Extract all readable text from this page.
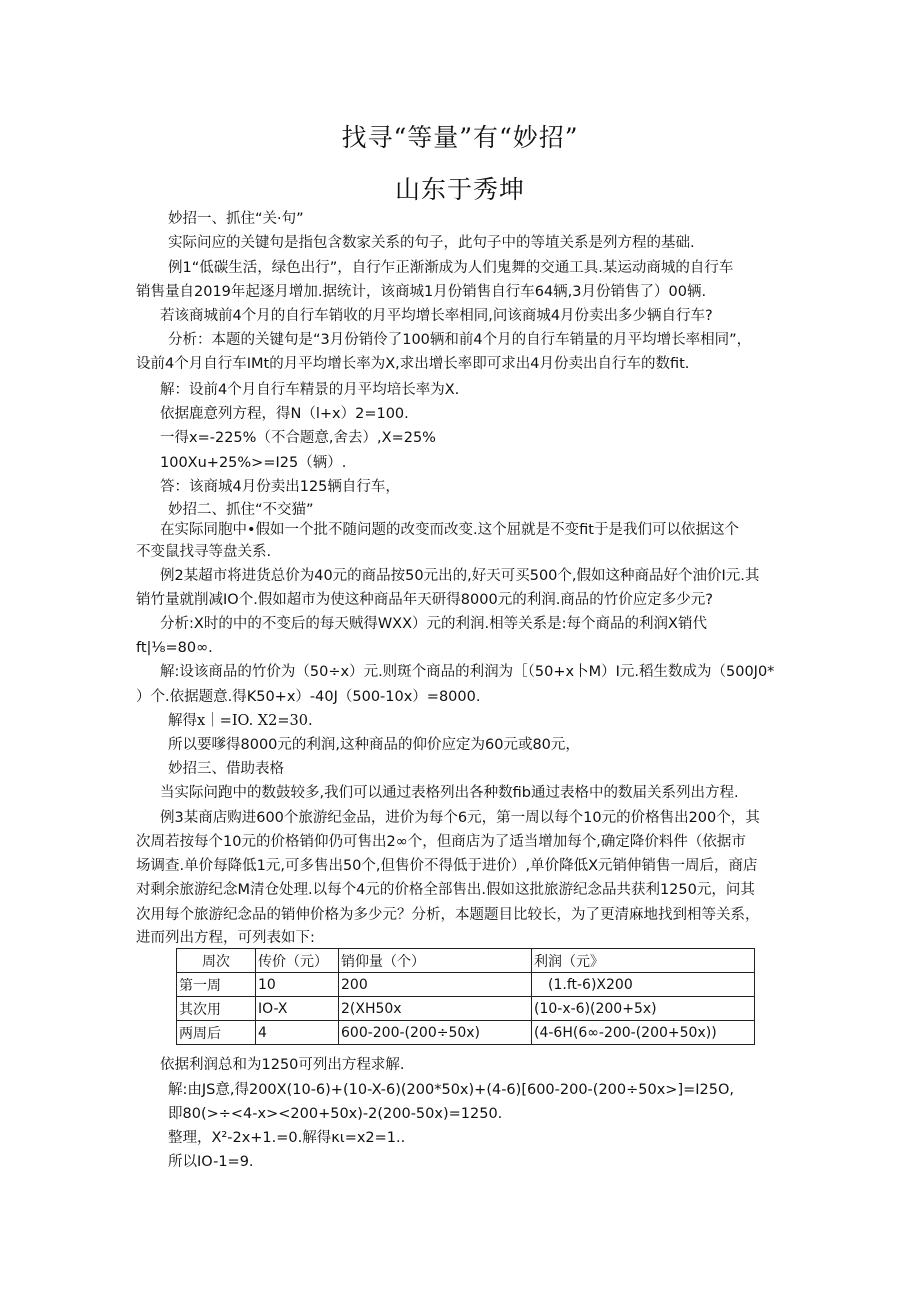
找寻“等量”有“妙招”
山东于秀坤
妙招一、抓住“关·句”
实际问应的关键句是指包含数家关系的句子，此句子中的等埴关系是列方程的基础.
例1“低碳生活，绿色出行”，自行乍正渐渐成为人们鬼舞的交通工具.某运动商城的自行车
销售量自2019年起逐月增加.据统计，该商城1月份销售自行车64辆,3月份销售了）00辆.
若该商城前4个月的自行车销收的月平均增长率相同,问该商城4月份卖出多少辆自行车?
分析：本题的关键句是“3月份销伶了100辆和前4个月的自行车销量的月平均增长率相同”，
设前4个月自行车IMt的月平均增长率为X,求出增长率即可求出4月份卖出自行车的数fit.
解：设前4个月自行车精景的月平均培长率为X.
依据鹿意列方程，得N（l+x）2=100.
一得x=-225%（不合题意,舍去）,X=25%
100Xu+25%>=I25（辆）.
答：该商城4月份卖出125辆自行车，
妙招二、抓住“不交猫”
在实际同胞中•假如一个批不随问题的改变而改变.这个屈就是不变fit于是我们可以依据这个
不变鼠找寻等盘关系.
例2某超市将进货总价为40元的商品按50元出的,好天可买500个,假如这种商品好个油价I元.其
销竹量就削减IO个.假如超市为使这种商品年天研得8000元的利润.商品的竹价应定多少元?
分析:X时的中的不变后的每天贼得WXX）元的利润.相等关系是:每个商品的利润X销代
ft|⅛=80∞.
解:设该商品的竹价为（50÷x）元.则斑个商品的利润为［（50+x卜M）I元.稻生数成为（500J0*
）个.依据题意.得K50+x）-40J（500-10x）=8000.
解得x｜=IO. X2=30.
所以要嗲得8000元的利润,这种商品的仰价应定为60元或80元，
妙招三、借助表格
当实际问跑中的数鼓较多,我们可以通过表格列出各种数fib通过表格中的数届关系列出方程.
例3某商店购进600个旅游纪金品，进价为每个6元，第一周以每个10元的价格售出200个，其
次周若按每个10元的价格销仰仍可售出2∞个，但商店为了适当增加每个,确定降价料件（依据市
场调查.单价每降低1元,可多售出50个,但售价不得低于进价）,单价降低X元销伸销售一周后，商店
对剩余旅游纪念M清仓处理.以每个4元的价格全部售出.假如这批旅游纪念品共获利1250元，问其
次用每个旅游纪念品的销伸价格为多少元？分析，本题题目比较长，为了更清麻地找到相等关系，
进而列出方程，可列表如下:
周次	传价（元）	销仰量（个）	利润（元》
第一周	10	200	(1.ft-6)X200
其次用	IO-X	2(XH50x	(10-x-6)(200+5x)
两周后	4	600-200-(200÷50x)	(4-6H(6∞-200-(200+50x))
依据利润总和为1250可列出方程求解.
解:由JS意,得200X(10-6)+(10-X-6)(200*50x)+(4-6)[600-200-(200÷50x>]=I25O,
即80(>÷<4-x><200+50x)-2(200-50x)=1250.
整理，X²-2x+1.=0.解得κι=x2=1..
所以IO-1=9.
